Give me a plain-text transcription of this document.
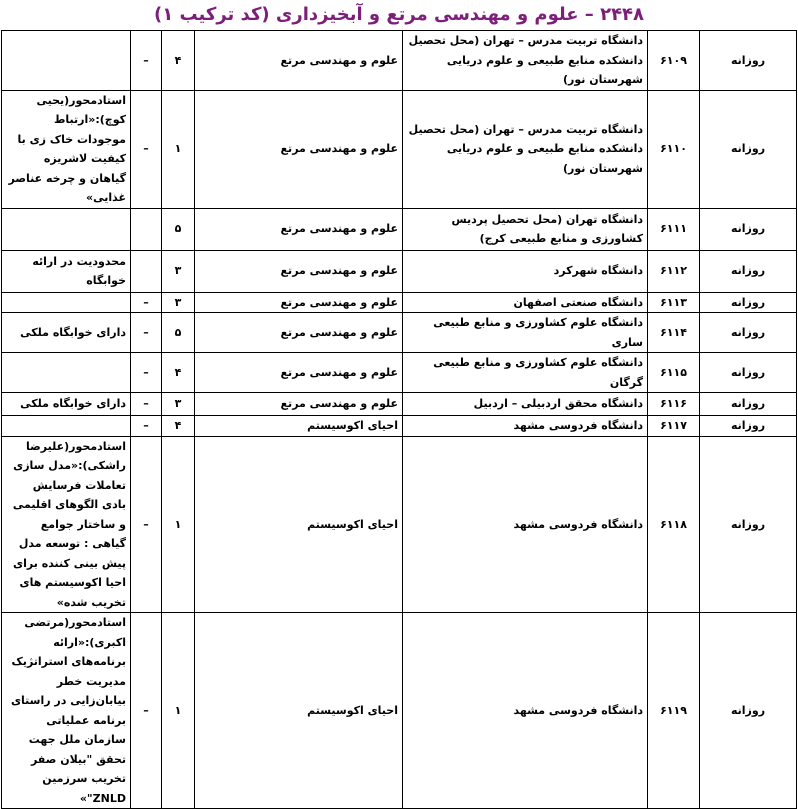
۲۴۴۸ – علوم و مهندسی مرتع و آبخیزداری (کد ترکیب ۱)
	–	۴	علوم و مهندسی مرتع	دانشگاه تربیت مدرس – تهران (محل تحصیل دانشکده منابع طبیعی و علوم دریایی شهرستان نور)	۶۱۰۹	روزانه
استادمحور(یحیی کوچ):«ارتباط موجودات خاک زی با کیفیت لاشریزه گیاهان و چرخه عناصر غذایی»	–	۱	علوم و مهندسی مرتع	دانشگاه تربیت مدرس – تهران (محل تحصیل دانشکده منابع طبیعی و علوم دریایی شهرستان نور)	۶۱۱۰	روزانه
		۵	علوم و مهندسی مرتع	دانشگاه تهران (محل تحصیل پردیس کشاورزی و منابع طبیعی کرج)	۶۱۱۱	روزانه
محدودیت در ارائه خوابگاه		۳	علوم و مهندسی مرتع	دانشگاه شهرکرد	۶۱۱۲	روزانه
	–	۳	علوم و مهندسی مرتع	دانشگاه صنعتی اصفهان	۶۱۱۳	روزانه
دارای خوابگاه ملکی	–	۵	علوم و مهندسی مرتع	دانشگاه علوم کشاورزی و منابع طبیعی ساری	۶۱۱۴	روزانه
	–	۴	علوم و مهندسی مرتع	دانشگاه علوم کشاورزی و منابع طبیعی گرگان	۶۱۱۵	روزانه
دارای خوابگاه ملکی	–	۳	علوم و مهندسی مرتع	دانشگاه محقق اردبیلی – اردبیل	۶۱۱۶	روزانه
	–	۴	احیای اکوسیستم	دانشگاه فردوسی مشهد	۶۱۱۷	روزانه
استادمحور(علیرضا راشکی):«مدل سازی تعاملات فرسایش بادی الگوهای اقلیمی و ساختار جوامع گیاهی : توسعه مدل پیش بینی کننده برای احیا اکوسیستم های تخریب شده»	–	۱	احیای اکوسیستم	دانشگاه فردوسی مشهد	۶۱۱۸	روزانه
استادمحور(مرتضی اکبری):«ارائه برنامه‌های استراتژیک مدیریت خطر بیابان‌زایی در راستای برنامه عملیاتی سازمان ملل جهت تحقق "بیلان صفر تخریب سرزمین ZNLD"»	–	۱	احیای اکوسیستم	دانشگاه فردوسی مشهد	۶۱۱۹	روزانه
